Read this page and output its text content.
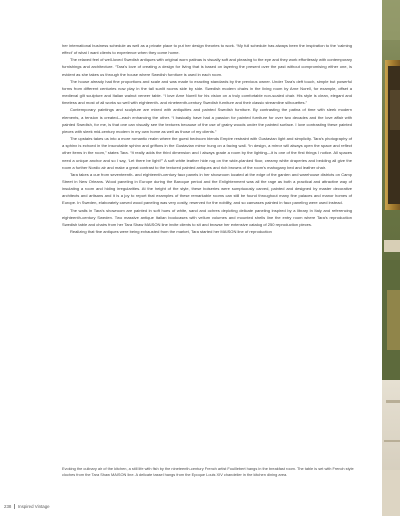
her international business schedule as well as a private place to put her design theories to work. “My full schedule has always been the inspiration to the ‘calming effect’ of what I want clients to experience when they come home.

The relaxed feel of well-loved Swedish antiques with original worn patinas is visually soft and pleasing to the eye and they work effortlessly with contemporary furnishings and architecture. “Tara’s love of creating a design for living that is based on layering the present over the past without compromising either one, is evident as she takes us through the house where Swedish furniture is used in each room.

The house already had fine proportions and scale and was made to exacting standards by the previous owner. Under Tara’s deft touch, simple but powerful forms from different centuries now play in the tall sunlit rooms side by side. Swedish modern chairs in the living room by Arne Norell, for example, offset a medieval gilt sculpture and Italian walnut veneer table. “I love Arne Norell for his vision on a truly comfortable non-scaled chair. His style is clean, elegant and timeless and most of all works so well with eighteenth- and nineteenth-century Swedish furniture and their classic streamline silhouettes.”

Contemporary paintings and sculpture are mixed with antiquities and painted Swedish furniture. By contrasting the patina of time with sleek modern elements, a tension is created—each enhancing the other. “I basically have had a passion for painted furniture for over two decades and the love affair with painted Swedish, for me, is that one can visually see the textures because of the use of grainy woods under the painted surface. I love contrasting these painted pieces with sleek mid-century modern in my own home as well as those of my clients.”

The upstairs takes us into a more romantic realm where the guest bedroom blends Empire restraint with Gustavian light and simplicity. Tara’s photography of a sphinx is echoed in the inscrutable sphinx and griffons in the Gustavian mirror hung on a facing wall. “In design, a mirror will always open the space and reflect other items in the room,” states Tara. “It really adds the third dimension and I always grade a room by the lighting—it is one of the first things I notice. All spaces need a unique anchor and so I say, ‘Let there be light!’” A soft white leather hide rug on the wide-planked floor, creamy white draperies and bedding all give the room a further Nordic air and make a great contrast to the textured painted antiques and rich browns of the room’s mahogany bed and leather chair.

Tara takes a cue from seventeenth- and eighteenth-century faux panels in her showroom located at the edge of the garden and warehouse districts on Camp Street in New Orleans. Wood paneling in Europe during the Baroque period and the Enlightenment was all the rage as both a practical and attractive way of insulating a room and hiding irregularities. At the height of the style, these boiseries were sumptuously carved, painted and designed by master decorative architects and artisans and it is a joy to report that examples of these remarkable rooms can still be found throughout many fine palaces and manor homes of Europe. In Sweden, elaborately carved wood paneling was very costly, reserved for the nobility, and so canvases painted in faux paneling were used instead.

The walls in Tara’s showroom are painted in soft hues of white, sand and ochres depicting delicate paneling inspired by a library in Italy and referencing eighteenth-century Sweden. Two massive antique Italian bookcases with vellum volumes and mounted shells line the entry room where Tara’s reproduction Swedish table and chairs from her Tara Shaw MAISON line invite clients to sit and browse her extensive catalog of 250 reproduction pieces.

Realizing that fine antiques were being exhausted from the market, Tara started her MAISON line of reproduction

Evoking the culinary air of the kitchen, a still life with fish by the nineteenth-century French artist Fouillebert hangs in the breakfast room. The table is set with French style cloches from the Tara Shaw MAISON line. A delicate tassel hangs from the Epoque Louis XIV chandelier in the kitchen dining area.
238 Inspired Vintage
